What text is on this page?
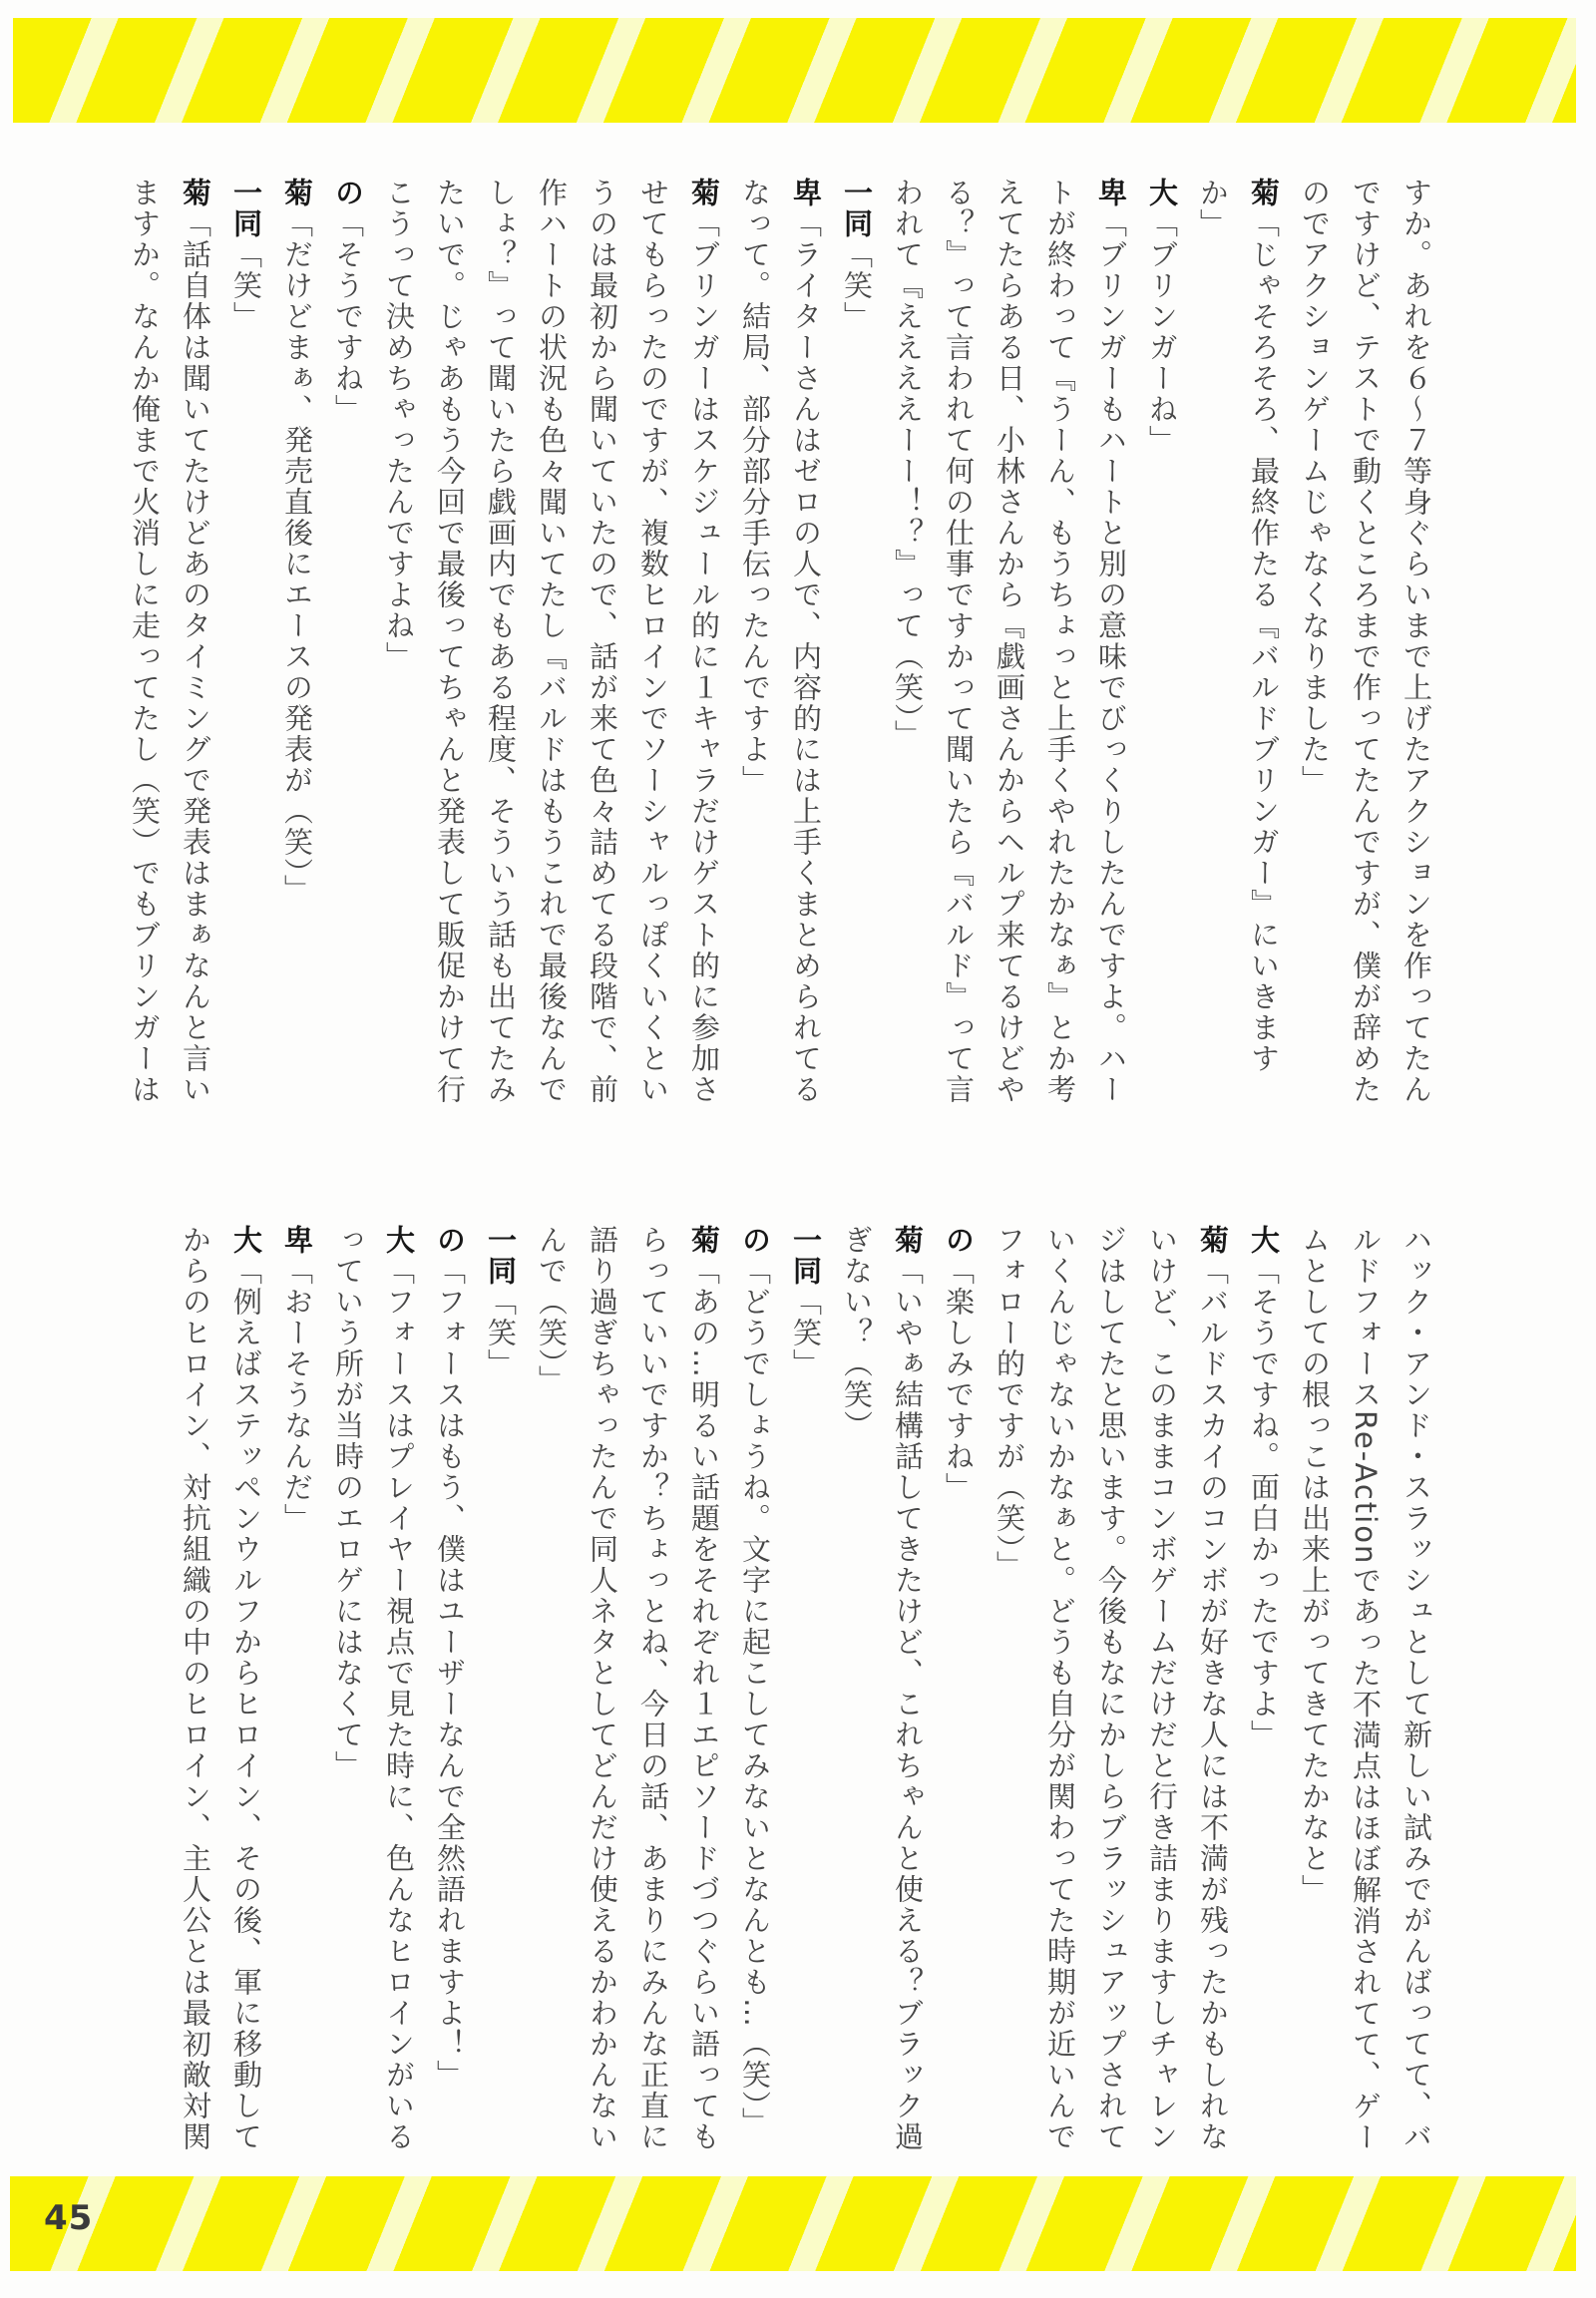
すか。あれを６～７等身ぐらいまで上げたアクションを作ってたんですけど、テストで動くところまで作ってたんですが、僕が辞めたのでアクションゲームじゃなくなりました」

菊「じゃそろそろ、最終作たる『バルドブリンガー』にいきますか」

大「ブリンガーね」

卑「ブリンガーもハートと別の意味でびっくりしたんですよ。ハートが終わって『うーん、もうちょっと上手くやれたかなぁ』とか考えてたらある日、小林さんから『戯画さんからヘルプ来てるけどやる？』って言われて何の仕事ですかって聞いたら『バルド』って言われて『ええええーー！？』って（笑）」

一同「笑」

卑「ライターさんはゼロの人で、内容的には上手くまとめられてるなって。結局、部分部分手伝ったんですよ」

菊「ブリンガーはスケジュール的に１キャラだけゲスト的に参加させてもらったのですが、複数ヒロインでソーシャルっぽくいくというのは最初から聞いていたので、話が来て色々詰めてる段階で、前作ハートの状況も色々聞いてたし『バルドはもうこれで最後なんでしょ？』って聞いたら戯画内でもある程度、そういう話も出てたみたいで。じゃあもう今回で最後ってちゃんと発表して販促かけて行こうって決めちゃったんですよね」

の「そうですね」

菊「だけどまぁ、発売直後にエースの発表が（笑）」

一同「笑」

菊「話自体は聞いてたけどあのタイミングで発表はまぁなんと言いますか。なんか俺まで火消しに走ってたし（笑）でもブリンガーは

ハック・アンド・スラッシュとして新しい試みでがんばってて、バルドフォースRe-Actionであった不満点はほぼ解消されてて、ゲームとしての根っこは出来上がってきてたかなと」

大「そうですね。面白かったですよ」

菊「バルドスカイのコンボが好きな人には不満が残ったかもしれないけど、このままコンボゲームだけだと行き詰まりますしチャレンジはしてたと思います。今後もなにかしらブラッシュアップされていくんじゃないかなぁと。どうも自分が関わってた時期が近いんでフォロー的ですが（笑）」

の「楽しみですね」

菊「いやぁ結構話してきたけど、これちゃんと使える？ブラック過ぎない？（笑）

一同「笑」

の「どうでしょうね。文字に起こしてみないとなんとも…（笑）」

菊「あの…明るい話題をそれぞれ１エピソードづつぐらい語ってもらっていいですか？ちょっとね、今日の話、あまりにみんな正直に語り過ぎちゃったんで同人ネタとしてどんだけ使えるかわかんないんで（笑）」

一同「笑」

の「フォースはもう、僕はユーザーなんで全然語れますよ！」

大「フォースはプレイヤー視点で見た時に、色んなヒロインがいるっていう所が当時のエロゲにはなくて」

卑「おーそうなんだ」

大「例えばステッペンウルフからヒロイン、その後、軍に移動してからのヒロイン、対抗組織の中のヒロイン、主人公とは最初敵対関

45
